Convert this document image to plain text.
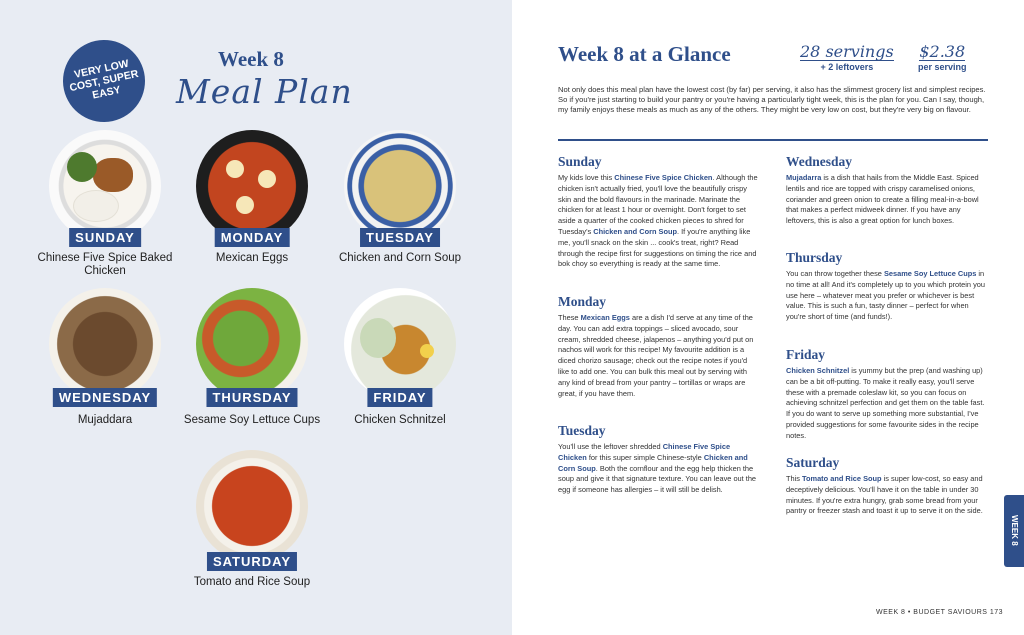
VERY LOW COST, SUPER EASY
Week 8
Meal Plan
SUNDAY
Chinese Five Spice Baked Chicken
MONDAY
Mexican Eggs
TUESDAY
Chicken and Corn Soup
WEDNESDAY
Mujaddara
THURSDAY
Sesame Soy Lettuce Cups
FRIDAY
Chicken Schnitzel
SATURDAY
Tomato and Rice Soup
Week 8 at a Glance	28 servings
+ 2 leftovers
$2.38
per serving
Not only does this meal plan have the lowest cost (by far) per serving, it also has the slimmest grocery list and simplest recipes. So if you're just starting to build your pantry or you're having a particularly tight week, this is the plan for you. Can I say, though, my family enjoys these meals as much as any of the others. They might be very low on cost, but they're very big on flavour.
Sunday

My kids love this Chinese Five Spice Chicken. Although the chicken isn't actually fried, you'll love the beautifully crispy skin and the bold flavours in the marinade. Marinate the chicken for at least 1 hour or overnight. Don't forget to set aside a quarter of the cooked chicken pieces to shred for Tuesday's Chicken and Corn Soup. If you're anything like me, you'll snack on the skin ... cook's treat, right? Read through the recipe first for suggestions on timing the rice and bok choy so everything is ready at the same time.

Monday

These Mexican Eggs are a dish I'd serve at any time of the day. You can add extra toppings – sliced avocado, sour cream, shredded cheese, jalapenos – anything you'd put on nachos will work for this recipe! My favourite addition is a diced chorizo sausage; check out the recipe notes if you'd like to add one. You can bulk this meal out by serving with any kind of bread from your pantry – tortillas or wraps are great, if you have them.

Tuesday

You'll use the leftover shredded Chinese Five Spice Chicken for this super simple Chinese-style Chicken and Corn Soup. Both the cornflour and the egg help thicken the soup and give it that signature texture. You can leave out the egg if someone has allergies – it will still be delish.

Wednesday

Mujadarra is a dish that hails from the Middle East. Spiced lentils and rice are topped with crispy caramelised onions, coriander and green onion to create a filling meal-in-a-bowl that makes a perfect midweek dinner. If you have any leftovers, this is also a great option for lunch boxes.

Thursday

You can throw together these Sesame Soy Lettuce Cups in no time at all! And it's completely up to you which protein you use here – whatever meat you prefer or whichever is best value. This is such a fun, tasty dinner – perfect for when you're short of time (and funds!).

Friday

Chicken Schnitzel is yummy but the prep (and washing up) can be a bit off-putting. To make it really easy, you'll serve these with a premade coleslaw kit, so you can focus on achieving schnitzel perfection and get them on the table fast. If you do want to serve up something more substantial, I've provided suggestions for some favourite sides in the recipe notes.

Saturday

This Tomato and Rice Soup is super low-cost, so easy and deceptively delicious. You'll have it on the table in under 30 minutes. If you're extra hungry, grab some bread from your pantry or freezer stash and toast it up to serve it on the side.

WEEK 8
WEEK 8 • BUDGET SAVIOURS 173
